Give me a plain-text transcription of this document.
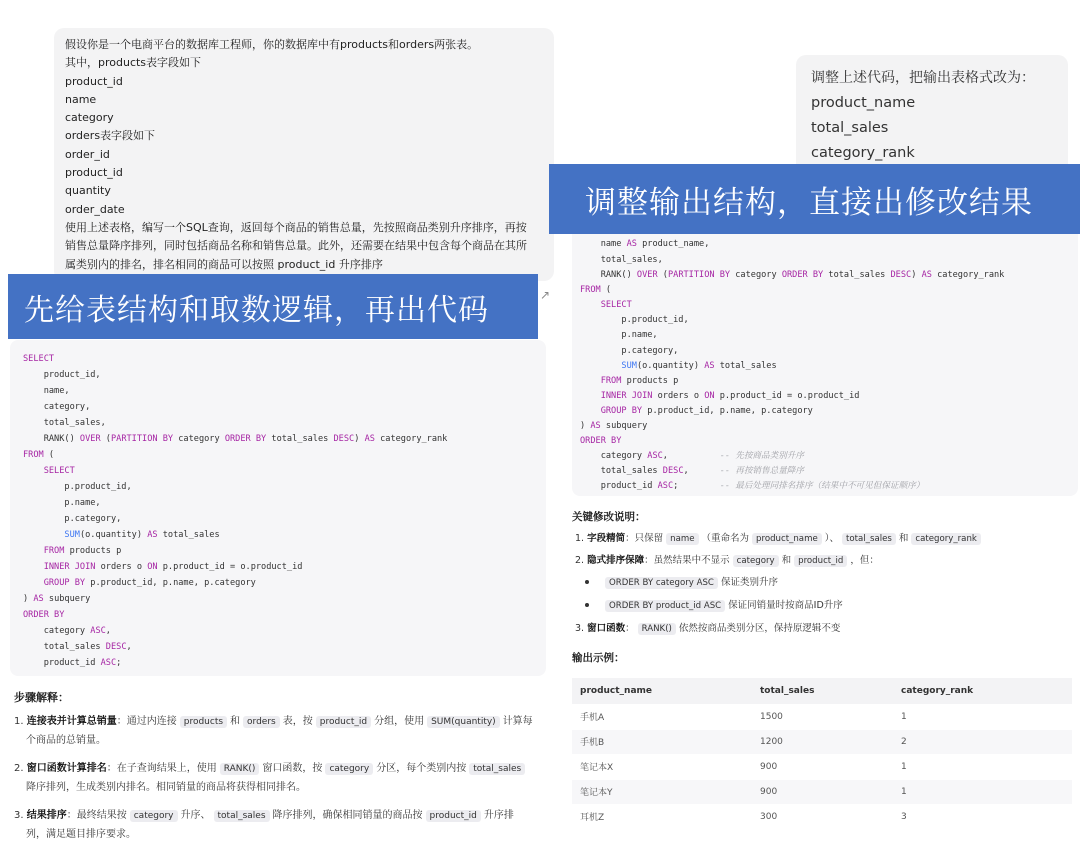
假设你是一个电商平台的数据库工程师，你的数据库中有products和orders两张表。
其中，products表字段如下
product_id
name
category
orders表字段如下
order_id
product_id
quantity
order_date
使用上述表格，编写一个SQL查询，返回每个商品的销售总量，先按照商品类别升序排序，再按
销售总量降序排列，同时包括商品名称和销售总量。此外，还需要在结果中包含每个商品在其所
属类别内的排名，排名相同的商品可以按照 product_id 升序排序
调整上述代码，把输出表格式改为：
product_name
total_sales
category_rank
先给表结构和取数逻辑，再出代码	↗
SELECT
product_id,
name,
category,
total_sales,
RANK() OVER (PARTITION BY category ORDER BY total_sales DESC) AS category_rank
FROM (
SELECT
p.product_id,
p.name,
p.category,
SUM(o.quantity) AS total_sales
FROM products p
INNER JOIN orders o ON p.product_id = o.product_id
GROUP BY p.product_id, p.name, p.category
) AS subquery
ORDER BY
category ASC,
total_sales DESC,
product_id ASC;
name AS product_name,
total_sales,
RANK() OVER (PARTITION BY category ORDER BY total_sales DESC) AS category_rank
FROM (
SELECT
p.product_id,
p.name,
p.category,
SUM(o.quantity) AS total_sales
FROM products p
INNER JOIN orders o ON p.product_id = o.product_id
GROUP BY p.product_id, p.name, p.category
) AS subquery
ORDER BY
category ASC,          -- 先按商品类别升序
total_sales DESC,      -- 再按销售总量降序
product_id ASC;        -- 最后处理同排名排序（结果中不可见但保证顺序）
调整输出结构，直接出修改结果
步骤解释：
1. 连接表并计算总销量：通过内连接 products 和 orders 表，按 product_id 分组，使用 SUM(quantity) 计算每
个商品的总销量。
2. 窗口函数计算排名：在子查询结果上，使用 RANK() 窗口函数，按 category 分区，每个类别内按 total_sales
降序排列，生成类别内排名。相同销量的商品将获得相同排名。
3. 结果排序：最终结果按 category 升序、 total_sales 降序排列，确保相同销量的商品按 product_id 升序排
列，满足题目排序要求。
关键修改说明：
1. 字段精简：只保留 name （重命名为 product_name ）、 total_sales 和 category_rank
2. 隐式排序保障：虽然结果中不显示 category 和 product_id ，但：
ORDER BY category ASC 保证类别升序
ORDER BY product_id ASC 保证同销量时按商品ID升序
3. 窗口函数： RANK() 依然按商品类别分区，保持原逻辑不变
输出示例：
product_name	total_sales	category_rank
手机A	1500	1
手机B	1200	2
笔记本X	900	1
笔记本Y	900	1
耳机Z	300	3
